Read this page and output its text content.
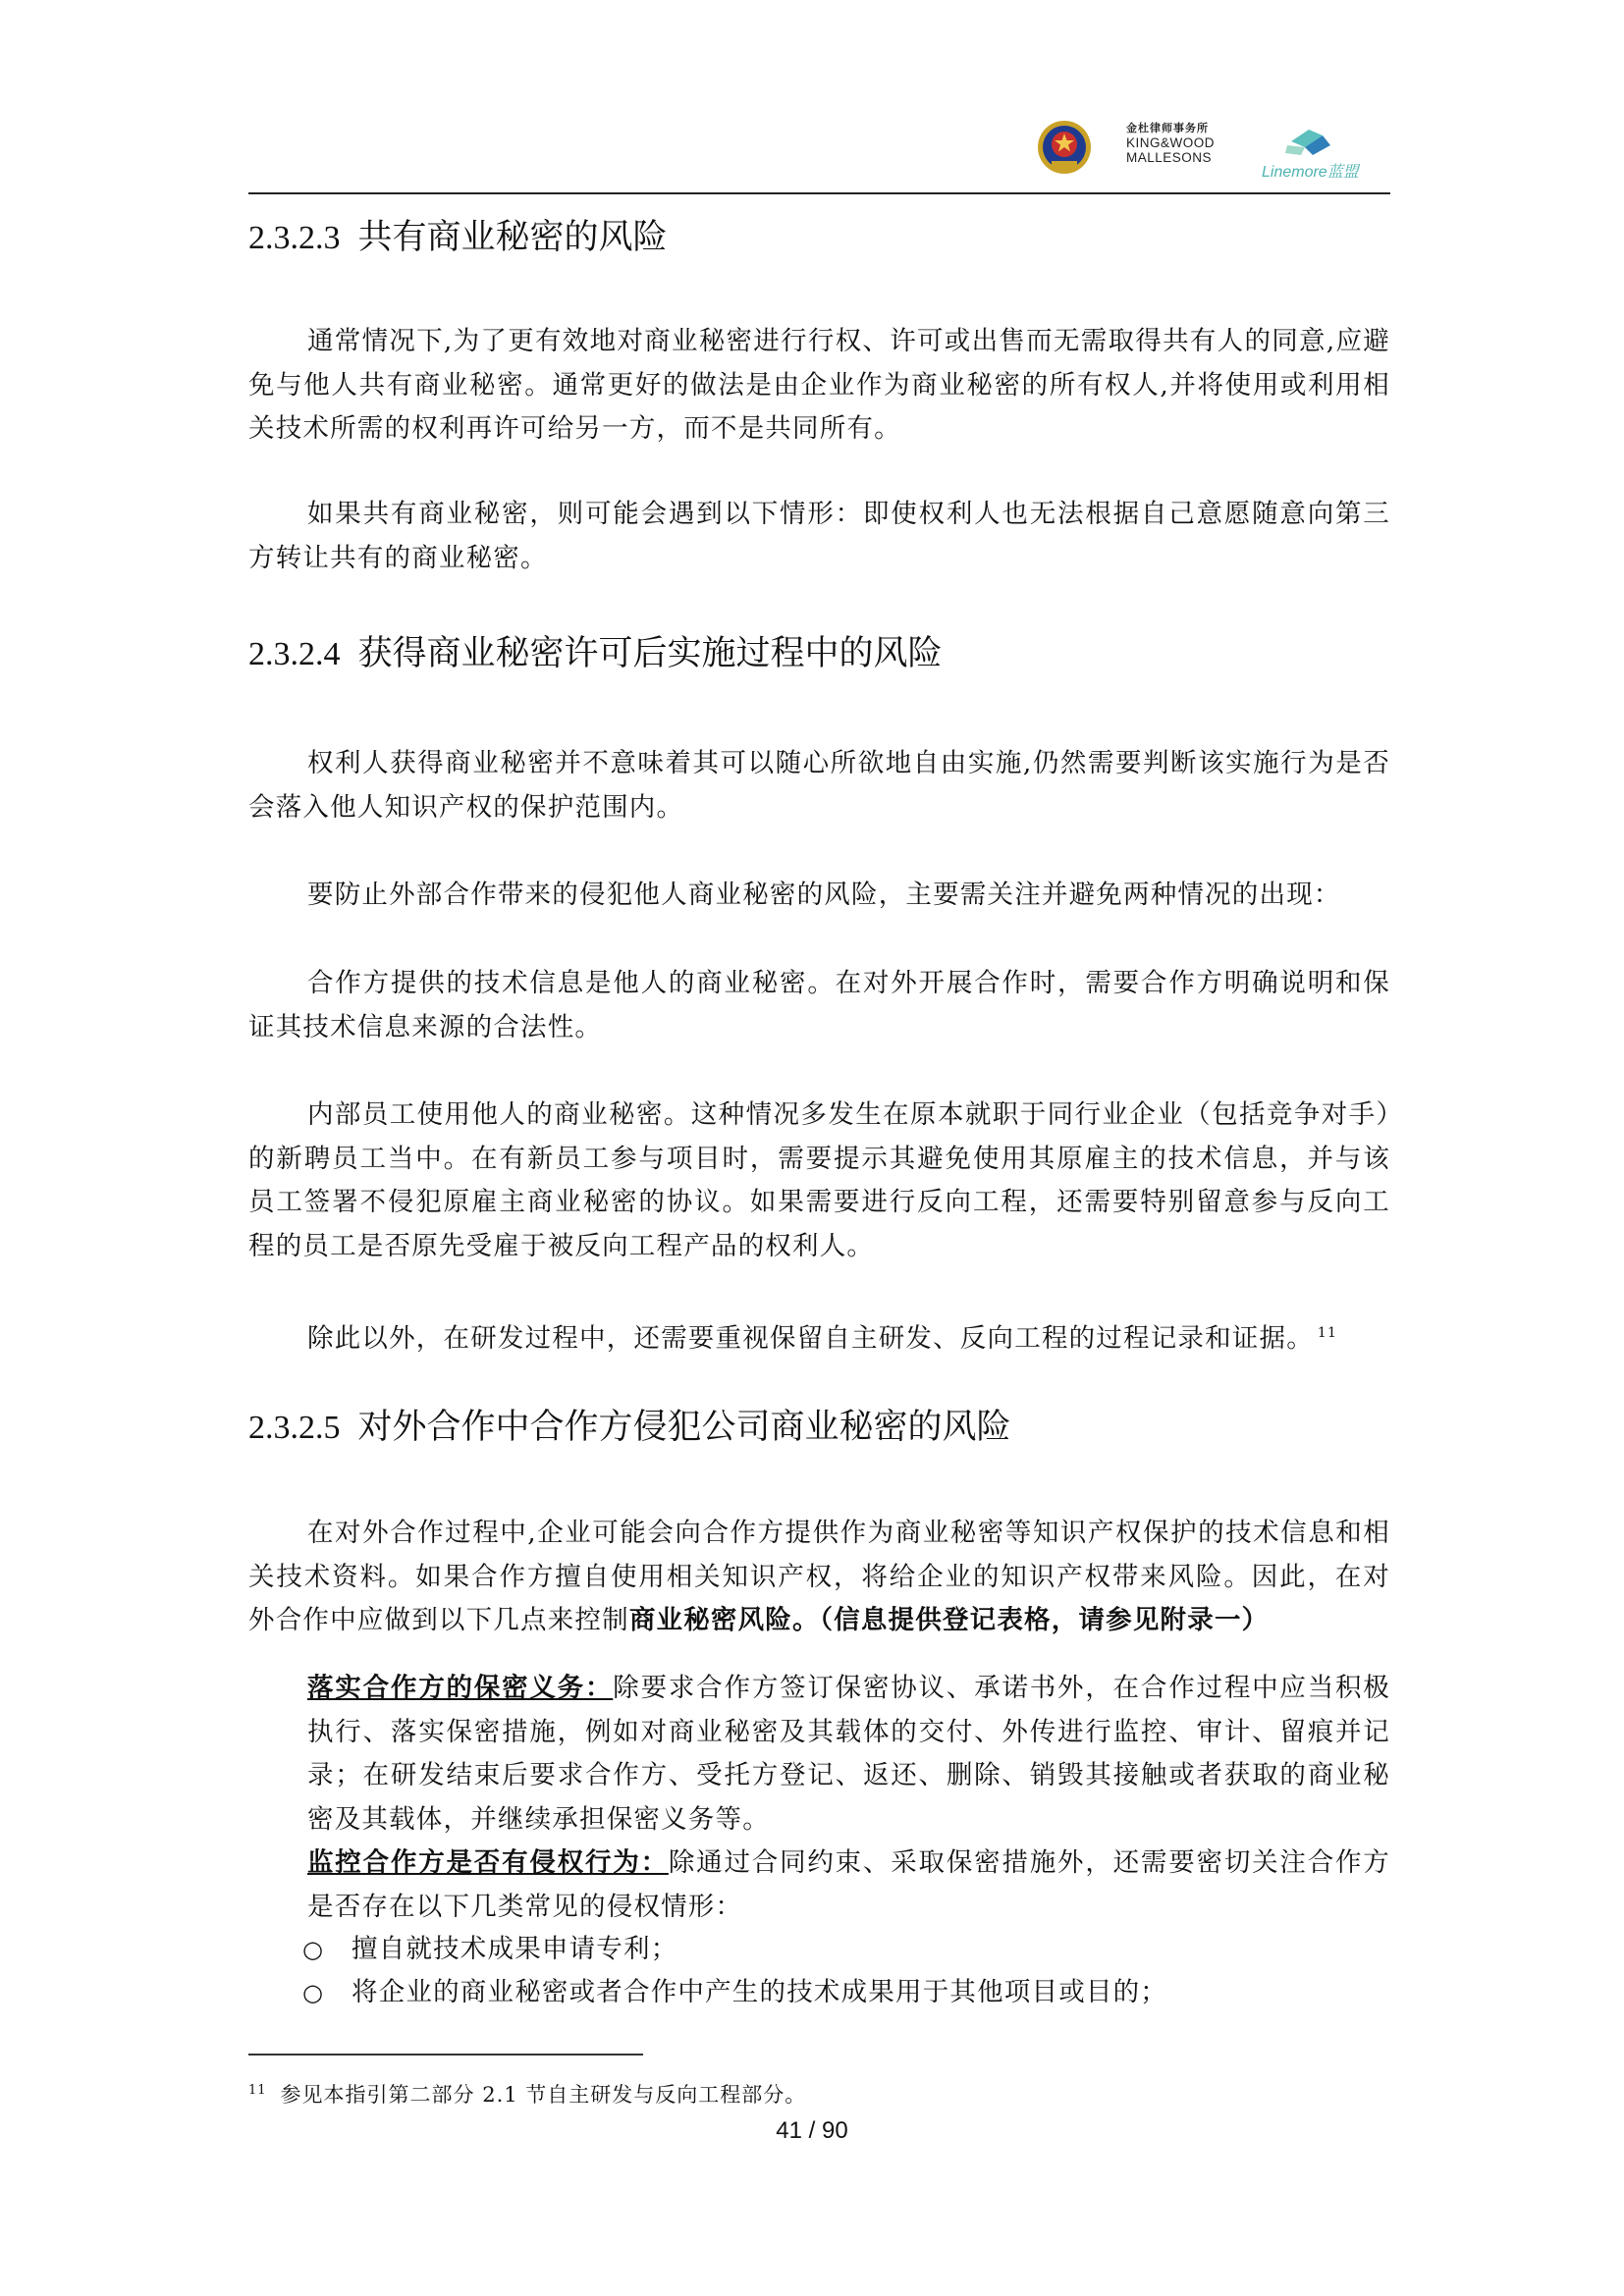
金杜律师事务所
KING&WOOD
MALLESONS
Linemore蓝盟
2.3.2.3 共有商业秘密的风险

通常情况下,为了更有效地对商业秘密进行行权、许可或出售而无需取得共有人的同意,应避免与他人共有商业秘密。通常更好的做法是由企业作为商业秘密的所有权人,并将使用或利用相关技术所需的权利再许可给另一方，而不是共同所有。

如果共有商业秘密，则可能会遇到以下情形：即使权利人也无法根据自己意愿随意向第三方转让共有的商业秘密。

2.3.2.4 获得商业秘密许可后实施过程中的风险

权利人获得商业秘密并不意味着其可以随心所欲地自由实施,仍然需要判断该实施行为是否会落入他人知识产权的保护范围内。

要防止外部合作带来的侵犯他人商业秘密的风险，主要需关注并避免两种情况的出现：

合作方提供的技术信息是他人的商业秘密。在对外开展合作时，需要合作方明确说明和保证其技术信息来源的合法性。

内部员工使用他人的商业秘密。这种情况多发生在原本就职于同行业企业（包括竞争对手）的新聘员工当中。在有新员工参与项目时，需要提示其避免使用其原雇主的技术信息，并与该员工签署不侵犯原雇主商业秘密的协议。如果需要进行反向工程，还需要特别留意参与反向工程的员工是否原先受雇于被反向工程产品的权利人。

除此以外，在研发过程中，还需要重视保留自主研发、反向工程的过程记录和证据。 $^{11}$

2.3.2.5 对外合作中合作方侵犯公司商业秘密的风险

在对外合作过程中,企业可能会向合作方提供作为商业秘密等知识产权保护的技术信息和相关技术资料。如果合作方擅自使用相关知识产权，将给企业的知识产权带来风险。因此，在对外合作中应做到以下几点来控制商业秘密风险。（信息提供登记表格，请参见附录一）

落实合作方的保密义务：除要求合作方签订保密协议、承诺书外，在合作过程中应当积极执行、落实保密措施，例如对商业秘密及其载体的交付、外传进行监控、审计、留痕并记录；在研发结束后要求合作方、受托方登记、返还、删除、销毁其接触或者获取的商业秘密及其载体，并继续承担保密义务等。
监控合作方是否有侵权行为：除通过合同约束、采取保密措施外，还需要密切关注合作方是否存在以下几类常见的侵权情形：
○ 擅自就技术成果申请专利；
○ 将企业的商业秘密或者合作中产生的技术成果用于其他项目或目的；
$^{11}$ 参见本指引第二部分 2.1 节自主研发与反向工程部分。
41 / 90
